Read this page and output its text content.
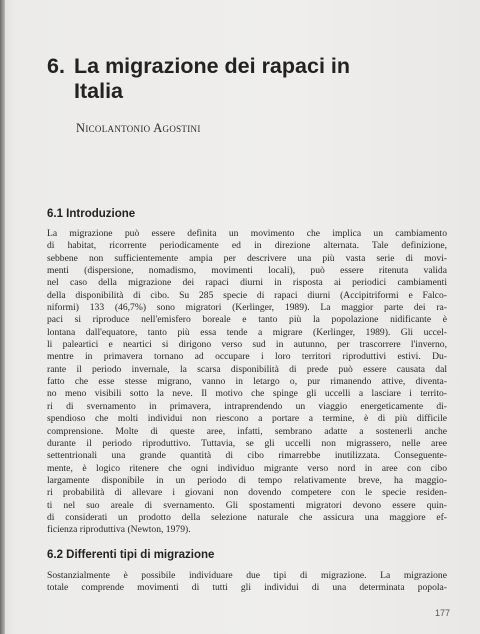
6. La migrazione dei rapaci in
Italia
Nicolantonio Agostini
6.1 Introduzione
La migrazione può essere definita un movimento che implica un cambiamento
di habitat, ricorrente periodicamente ed in direzione alternata. Tale definizione,
sebbene non sufficientemente ampia per descrivere una più vasta serie di movi-
menti (dispersione, nomadismo, movimenti locali), può essere ritenuta valida
nel caso della migrazione dei rapaci diurni in risposta ai periodici cambiamenti
della disponibilità di cibo. Su 285 specie di rapaci diurni (Accipitriformi e Falco-
niformi) 133 (46,7%) sono migratori (Kerlinger, 1989). La maggior parte dei ra-
paci si riproduce nell'emisfero boreale e tanto più la popolazione nidificante è
lontana dall'equatore, tanto più essa tende a migrare (Kerlinger, 1989). Gli uccel-
li paleartici e neartici si dirigono verso sud in autunno, per trascorrere l'inverno,
mentre in primavera tornano ad occupare i loro territori riproduttivi estivi. Du-
rante il periodo invernale, la scarsa disponibilità di prede può essere causata dal
fatto che esse stesse migrano, vanno in letargo o, pur rimanendo attive, diventa-
no meno visibili sotto la neve. Il motivo che spinge gli uccelli a lasciare i territo-
ri di svernamento in primavera, intraprendendo un viaggio energeticamente di-
spendioso che molti individui non riescono a portare a termine, è di più difficile
comprensione. Molte di queste aree, infatti, sembrano adatte a sostenerli anche
durante il periodo riproduttivo. Tuttavia, se gli uccelli non migrassero, nelle aree
settentrionali una grande quantità di cibo rimarrebbe inutilizzata. Conseguente-
mente, è logico ritenere che ogni individuo migrante verso nord in aree con cibo
largamente disponibile in un periodo di tempo relativamente breve, ha maggio-
ri probabilità di allevare i giovani non dovendo competere con le specie residen-
ti nel suo areale di svernamento. Gli spostamenti migratori devono essere quin-
di considerati un prodotto della selezione naturale che assicura una maggiore ef-
ficienza riproduttiva (Newton, 1979).
6.2 Differenti tipi di migrazione
Sostanzialmente è possibile individuare due tipi di migrazione. La migrazione
totale comprende movimenti di tutti gli individui di una determinata popola-
177
